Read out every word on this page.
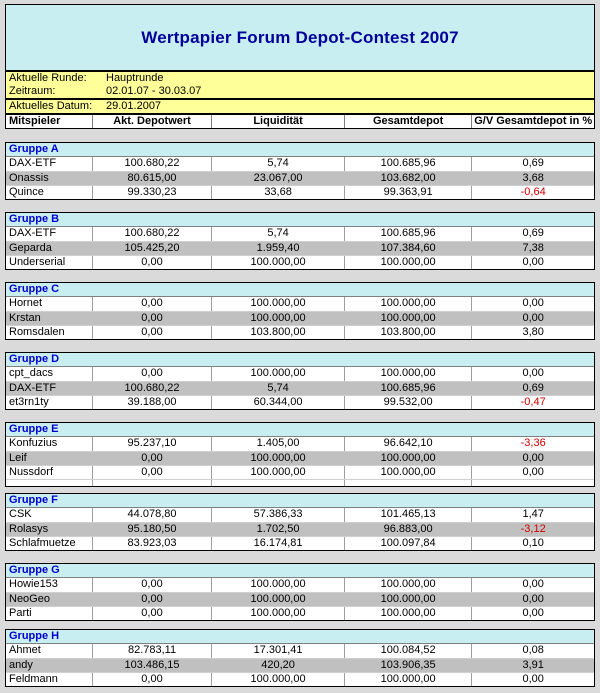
Wertpapier Forum Depot-Contest 2007
Aktuelle Runde:	Hauptrunde
Zeitraum:	02.01.07 - 30.03.07
Aktuelles Datum:	29.01.2007
Mitspieler	Akt. Depotwert	Liquidität	Gesamtdepot	G/V Gesamtdepot in %
Gruppe A
DAX-ETF	100.680,22	5,74	100.685,96	0,69
Onassis	80.615,00	23.067,00	103.682,00	3,68
Quince	99.330,23	33,68	99.363,91	-0,64
Gruppe B
DAX-ETF	100.680,22	5,74	100.685,96	0,69
Geparda	105.425,20	1.959,40	107.384,60	7,38
Underserial	0,00	100.000,00	100.000,00	0,00
Gruppe C
Hornet	0,00	100.000,00	100.000,00	0,00
Krstan	0,00	100.000,00	100.000,00	0,00
Romsdalen	0,00	103.800,00	103.800,00	3,80
Gruppe D
cpt_dacs	0,00	100.000,00	100.000,00	0,00
DAX-ETF	100.680,22	5,74	100.685,96	0,69
et3rn1ty	39.188,00	60.344,00	99.532,00	-0,47
Gruppe E
Konfuzius	95.237,10	1.405,00	96.642,10	-3,36
Leif	0,00	100.000,00	100.000,00	0,00
Nussdorf	0,00	100.000,00	100.000,00	0,00
Gruppe F
CSK	44.078,80	57.386,33	101.465,13	1,47
Rolasys	95.180,50	1.702,50	96.883,00	-3,12
Schlafmuetze	83.923,03	16.174,81	100.097,84	0,10
Gruppe G
Howie153	0,00	100.000,00	100.000,00	0,00
NeoGeo	0,00	100.000,00	100.000,00	0,00
Parti	0,00	100.000,00	100.000,00	0,00
Gruppe H
Ahmet	82.783,11	17.301,41	100.084,52	0,08
andy	103.486,15	420,20	103.906,35	3,91
Feldmann	0,00	100.000,00	100.000,00	0,00
